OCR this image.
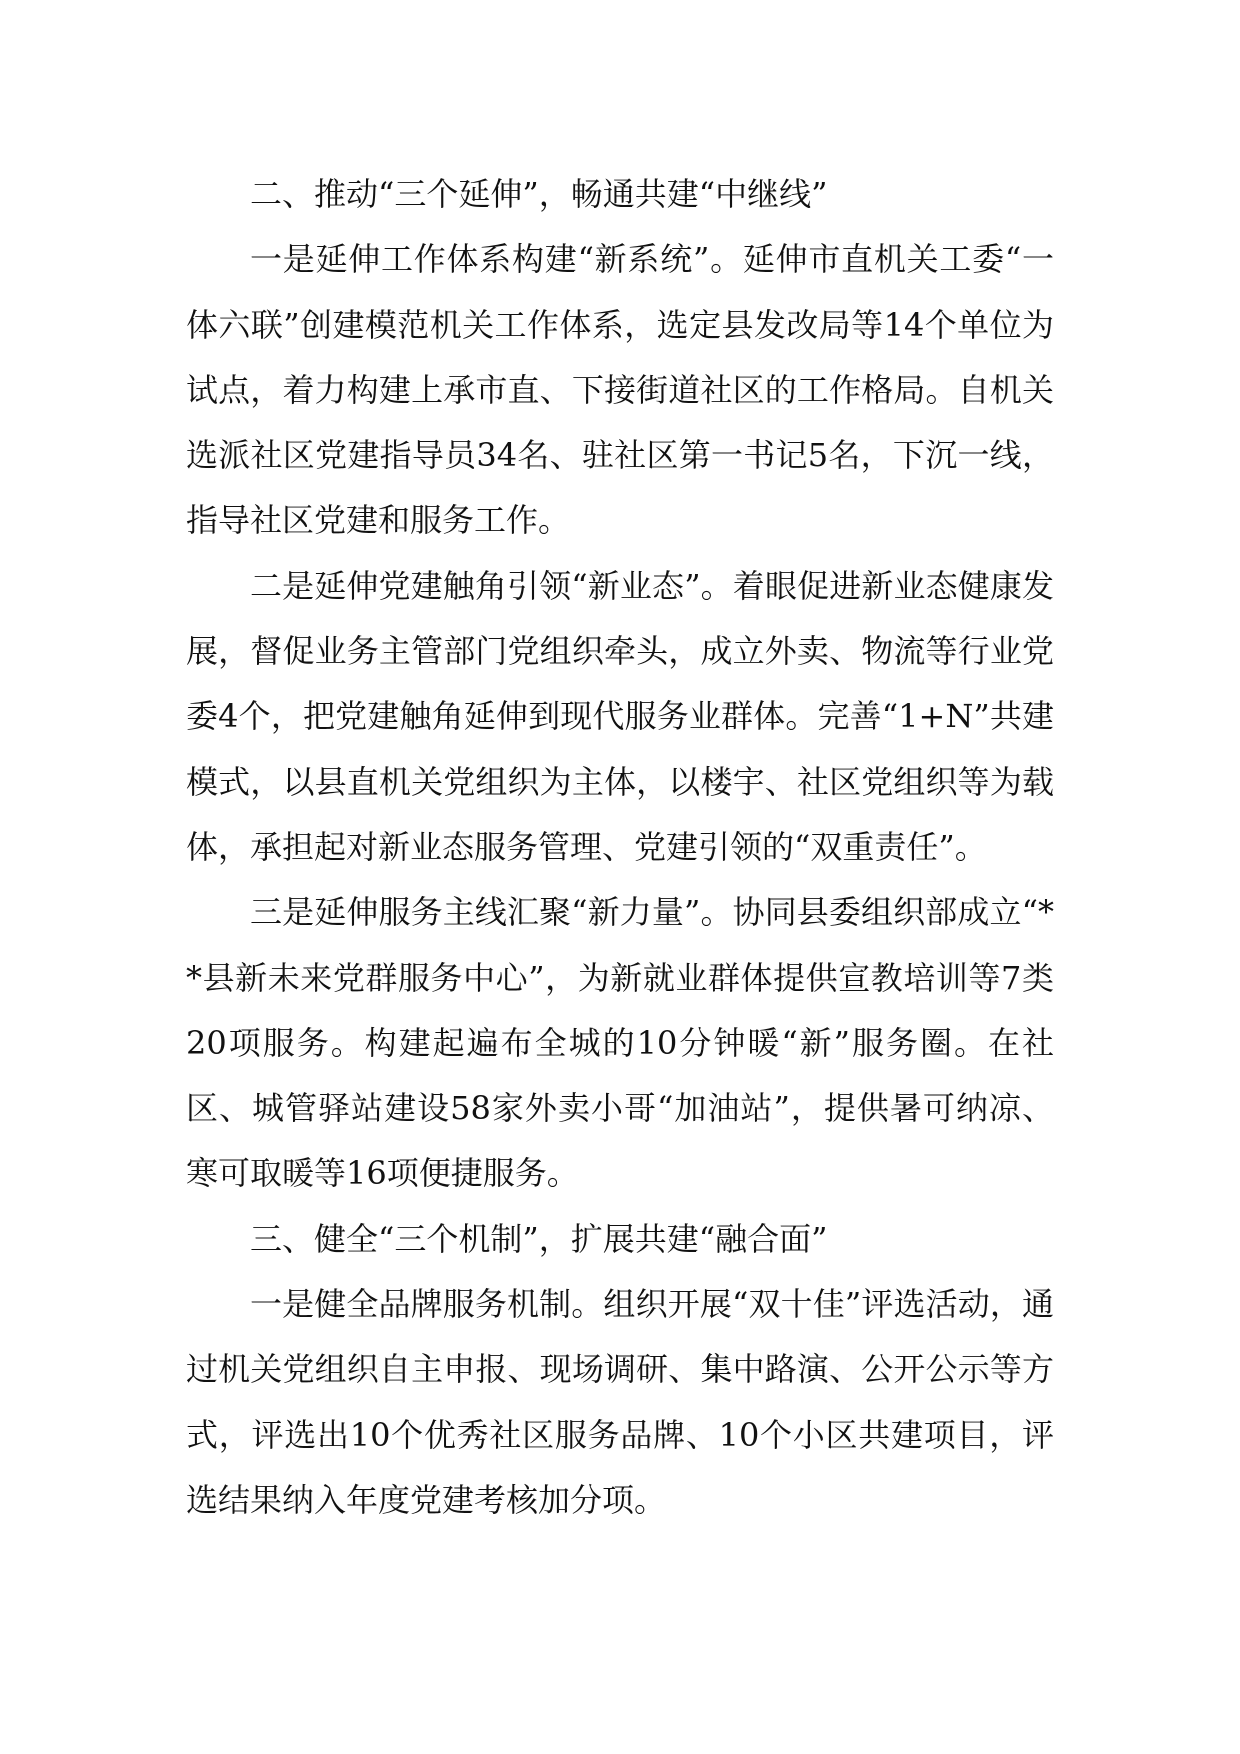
二、推动“三个延伸”，畅通共建“中继线”

一是延伸工作体系构建“新系统”。延伸市直机关工委“一体六联”创建模范机关工作体系，选定县发改局等14个单位为试点，着力构建上承市直、下接街道社区的工作格局。自机关选派社区党建指导员34名、驻社区第一书记5名，下沉一线，指导社区党建和服务工作。

二是延伸党建触角引领“新业态”。着眼促进新业态健康发展，督促业务主管部门党组织牵头，成立外卖、物流等行业党委4个，把党建触角延伸到现代服务业群体。完善“1+N”共建模式，以县直机关党组织为主体，以楼宇、社区党组织等为载体，承担起对新业态服务管理、党建引领的“双重责任”。

三是延伸服务主线汇聚“新力量”。协同县委组织部成立“**县新未来党群服务中心”，为新就业群体提供宣教培训等7类20项服务。构建起遍布全城的10分钟暖“新”服务圈。在社区、城管驿站建设58家外卖小哥“加油站”，提供暑可纳凉、寒可取暖等16项便捷服务。

三、健全“三个机制”，扩展共建“融合面”

一是健全品牌服务机制。组织开展“双十佳”评选活动，通过机关党组织自主申报、现场调研、集中路演、公开公示等方式，评选出10个优秀社区服务品牌、10个小区共建项目，评选结果纳入年度党建考核加分项。
